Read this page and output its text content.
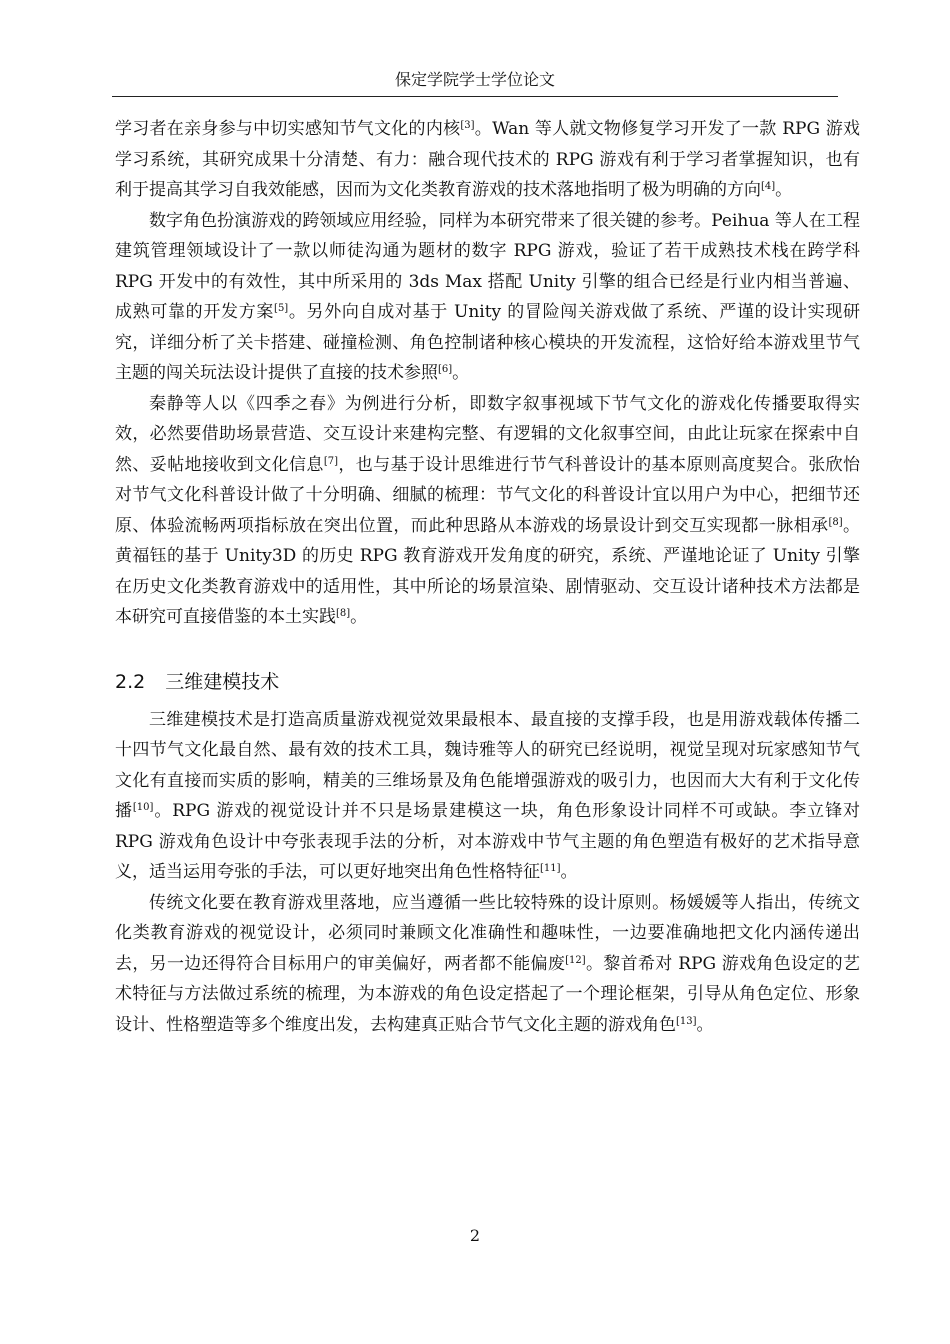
保定学院学士学位论文

学习者在亲身参与中切实感知节气文化的内核[3]。Wan 等人就文物修复学习开发了一款 RPG 游戏学习系统，其研究成果十分清楚、有力：融合现代技术的 RPG 游戏有利于学习者掌握知识，也有利于提高其学习自我效能感，因而为文化类教育游戏的技术落地指明了极为明确的方向[4]。

数字角色扮演游戏的跨领域应用经验，同样为本研究带来了很关键的参考。Peihua 等人在工程建筑管理领域设计了一款以师徒沟通为题材的数字 RPG 游戏，验证了若干成熟技术栈在跨学科 RPG 开发中的有效性，其中所采用的 3ds Max 搭配 Unity 引擎的组合已经是行业内相当普遍、成熟可靠的开发方案[5]。另外向自成对基于 Unity 的冒险闯关游戏做了系统、严谨的设计实现研究，详细分析了关卡搭建、碰撞检测、角色控制诸种核心模块的开发流程，这恰好给本游戏里节气主题的闯关玩法设计提供了直接的技术参照[6]。

秦静等人以《四季之春》为例进行分析，即数字叙事视域下节气文化的游戏化传播要取得实效，必然要借助场景营造、交互设计来建构完整、有逻辑的文化叙事空间，由此让玩家在探索中自然、妥帖地接收到文化信息[7]，也与基于设计思维进行节气科普设计的基本原则高度契合。张欣怡对节气文化科普设计做了十分明确、细腻的梳理：节气文化的科普设计宜以用户为中心，把细节还原、体验流畅两项指标放在突出位置，而此种思路从本游戏的场景设计到交互实现都一脉相承[8]。黄福钰的基于 Unity3D 的历史 RPG 教育游戏开发角度的研究，系统、严谨地论证了 Unity 引擎在历史文化类教育游戏中的适用性，其中所论的场景渲染、剧情驱动、交互设计诸种技术方法都是本研究可直接借鉴的本土实践[8]。

2.2 三维建模技术

三维建模技术是打造高质量游戏视觉效果最根本、最直接的支撑手段，也是用游戏载体传播二十四节气文化最自然、最有效的技术工具，魏诗雅等人的研究已经说明，视觉呈现对玩家感知节气文化有直接而实质的影响，精美的三维场景及角色能增强游戏的吸引力，也因而大大有利于文化传播[10]。RPG 游戏的视觉设计并不只是场景建模这一块，角色形象设计同样不可或缺。李立锋对 RPG 游戏角色设计中夸张表现手法的分析，对本游戏中节气主题的角色塑造有极好的艺术指导意义，适当运用夸张的手法，可以更好地突出角色性格特征[11]。

传统文化要在教育游戏里落地，应当遵循一些比较特殊的设计原则。杨媛媛等人指出，传统文化类教育游戏的视觉设计，必须同时兼顾文化准确性和趣味性，一边要准确地把文化内涵传递出去，另一边还得符合目标用户的审美偏好，两者都不能偏废[12]。黎首希对 RPG 游戏角色设定的艺术特征与方法做过系统的梳理，为本游戏的角色设定搭起了一个理论框架，引导从角色定位、形象设计、性格塑造等多个维度出发，去构建真正贴合节气文化主题的游戏角色[13]。

2
